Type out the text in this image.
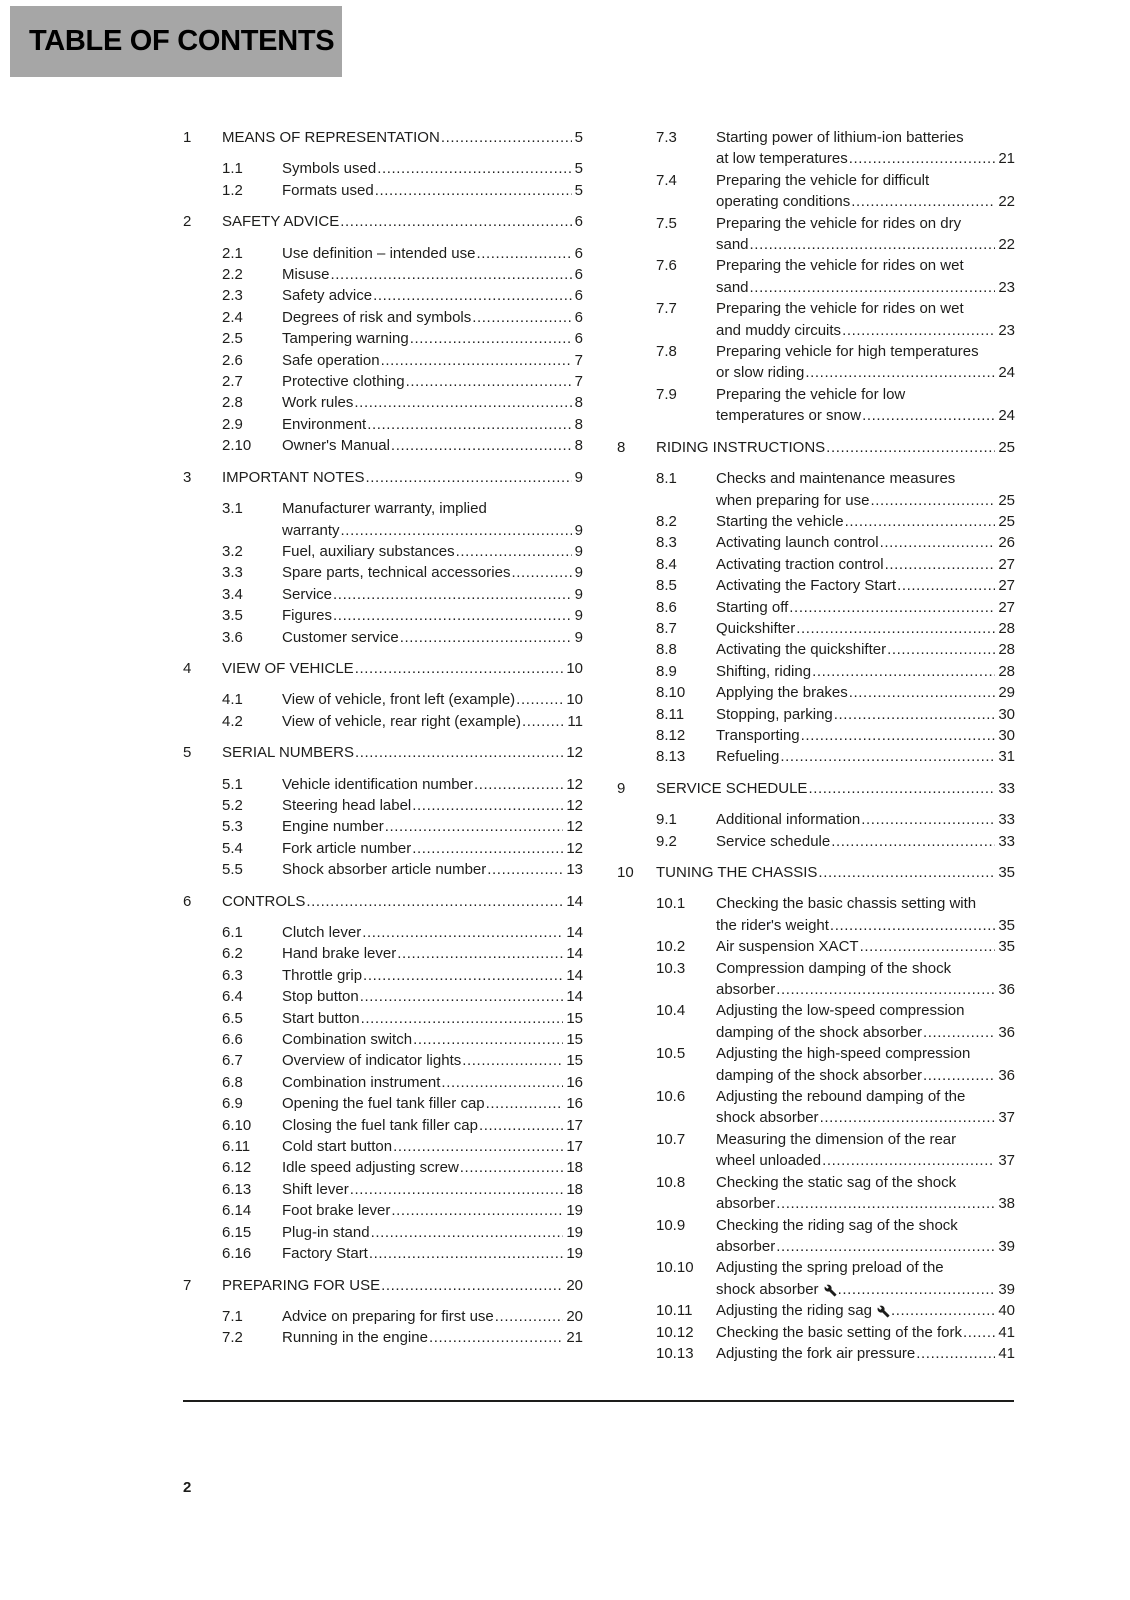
TABLE OF CONTENTS
1	MEANS OF REPRESENTATION .....	5
1.1	Symbols used .....	5
1.2	Formats used .....	5
2	SAFETY ADVICE .....	6
2.1	Use definition – intended use .....	6
2.2	Misuse .....	6
2.3	Safety advice .....	6
2.4	Degrees of risk and symbols .....	6
2.5	Tampering warning .....	6
2.6	Safe operation .....	7
2.7	Protective clothing .....	7
2.8	Work rules .....	8
2.9	Environment .....	8
2.10	Owner's Manual .....	8
3	IMPORTANT NOTES .....	9
3.1	Manufacturer warranty, implied
warranty .....	9
3.2	Fuel, auxiliary substances .....	9
3.3	Spare parts, technical accessories .....	9
3.4	Service .....	9
3.5	Figures .....	9
3.6	Customer service .....	9
4	VIEW OF VEHICLE .....	10
4.1	View of vehicle, front left (example) .....	10
4.2	View of vehicle, rear right (example) .....	11
5	SERIAL NUMBERS .....	12
5.1	Vehicle identification number .....	12
5.2	Steering head label .....	12
5.3	Engine number .....	12
5.4	Fork article number .....	12
5.5	Shock absorber article number .....	13
6	CONTROLS .....	14
6.1	Clutch lever .....	14
6.2	Hand brake lever .....	14
6.3	Throttle grip .....	14
6.4	Stop button .....	14
6.5	Start button .....	15
6.6	Combination switch .....	15
6.7	Overview of indicator lights .....	15
6.8	Combination instrument .....	16
6.9	Opening the fuel tank filler cap .....	16
6.10	Closing the fuel tank filler cap .....	17
6.11	Cold start button .....	17
6.12	Idle speed adjusting screw .....	18
6.13	Shift lever .....	18
6.14	Foot brake lever .....	19
6.15	Plug-in stand .....	19
6.16	Factory Start .....	19
7	PREPARING FOR USE .....	20
7.1	Advice on preparing for first use .....	20
7.2	Running in the engine .....	21
7.3	Starting power of lithium-ion batteries
at low temperatures .....	21
7.4	Preparing the vehicle for difficult
operating conditions .....	22
7.5	Preparing the vehicle for rides on dry
sand .....	22
7.6	Preparing the vehicle for rides on wet
sand .....	23
7.7	Preparing the vehicle for rides on wet
and muddy circuits .....	23
7.8	Preparing vehicle for high temperatures
or slow riding .....	24
7.9	Preparing the vehicle for low
temperatures or snow .....	24
8	RIDING INSTRUCTIONS .....	25
8.1	Checks and maintenance measures
when preparing for use .....	25
8.2	Starting the vehicle .....	25
8.3	Activating launch control .....	26
8.4	Activating traction control .....	27
8.5	Activating the Factory Start .....	27
8.6	Starting off .....	27
8.7	Quickshifter .....	28
8.8	Activating the quickshifter .....	28
8.9	Shifting, riding .....	28
8.10	Applying the brakes .....	29
8.11	Stopping, parking .....	30
8.12	Transporting .....	30
8.13	Refueling .....	31
9	SERVICE SCHEDULE .....	33
9.1	Additional information .....	33
9.2	Service schedule .....	33
10	TUNING THE CHASSIS .....	35
10.1	Checking the basic chassis setting with
the rider's weight .....	35
10.2	Air suspension XACT .....	35
10.3	Compression damping of the shock
absorber .....	36
10.4	Adjusting the low-speed compression
damping of the shock absorber .....	36
10.5	Adjusting the high-speed compression
damping of the shock absorber .....	36
10.6	Adjusting the rebound damping of the
shock absorber .....	37
10.7	Measuring the dimension of the rear
wheel unloaded .....	37
10.8	Checking the static sag of the shock
absorber .....	38
10.9	Checking the riding sag of the shock
absorber .....	39
10.10	Adjusting the spring preload of the
shock absorber .....	39
10.11	Adjusting the riding sag .....	40
10.12	Checking the basic setting of the fork ..... 41
10.13	Adjusting the fork air pressure .....	41
2
